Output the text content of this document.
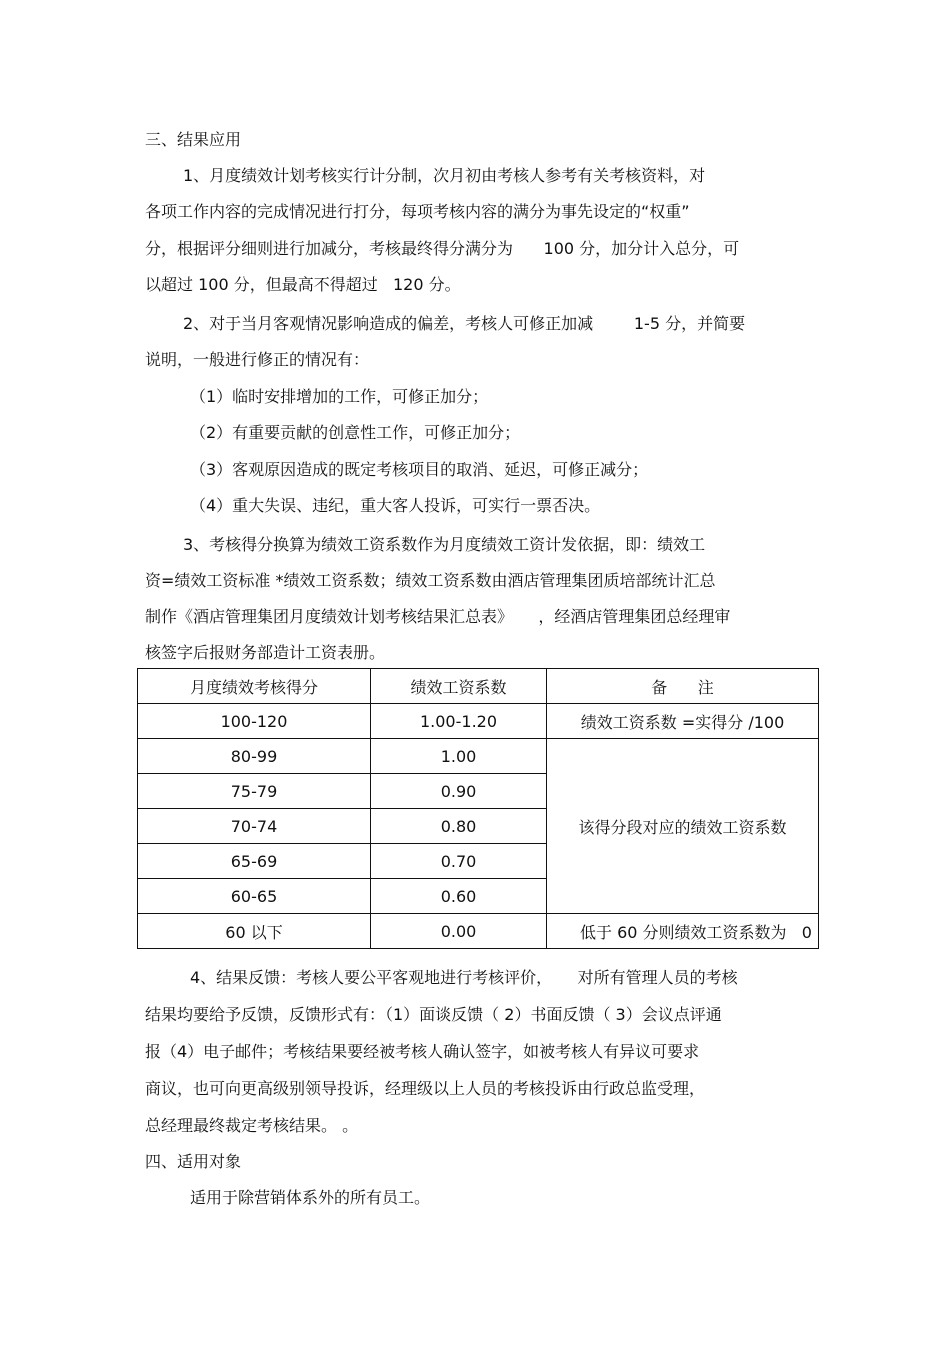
三、结果应用
1、月度绩效计划考核实行计分制，次月初由考核人参考有关考核资料，对
各项工作内容的完成情况进行打分，每项考核内容的满分为事先设定的“权重”
分，根据评分细则进行加减分，考核最终得分满分为      100 分，加分计入总分，可
以超过 100 分，但最高不得超过   120 分。
2、对于当月客观情况影响造成的偏差，考核人可修正加减        1-5 分，并简要
说明，一般进行修正的情况有：
（1）临时安排增加的工作，可修正加分；
（2）有重要贡献的创意性工作，可修正加分；
（3）客观原因造成的既定考核项目的取消、延迟，可修正减分；
（4）重大失误、违纪，重大客人投诉，可实行一票否决。
3、考核得分换算为绩效工资系数作为月度绩效工资计发依据，即：绩效工
资=绩效工资标准 *绩效工资系数；绩效工资系数由酒店管理集团质培部统计汇总
制作《酒店管理集团月度绩效计划考核结果汇总表》     ，经酒店管理集团总经理审
核签字后报财务部造计工资表册。
月度绩效考核得分	绩效工资系数	备      注
100-120	1.00-1.20	绩效工资系数 =实得分 /100
80-99	1.00	该得分段对应的绩效工资系数
75-79	0.90	
70-74	0.80	
65-69	0.70	
60-65	0.60	
60 以下	0.00	低于 60 分则绩效工资系数为   0
4、结果反馈：考核人要公平客观地进行考核评价，     对所有管理人员的考核
结果均要给予反馈，反馈形式有：（1）面谈反馈（ 2）书面反馈（ 3）会议点评通
报（4）电子邮件；考核结果要经被考核人确认签字，如被考核人有异议可要求
商议，也可向更高级别领导投诉，经理级以上人员的考核投诉由行政总监受理，
总经理最终裁定考核结果。 。
四、适用对象
适用于除营销体系外的所有员工。
